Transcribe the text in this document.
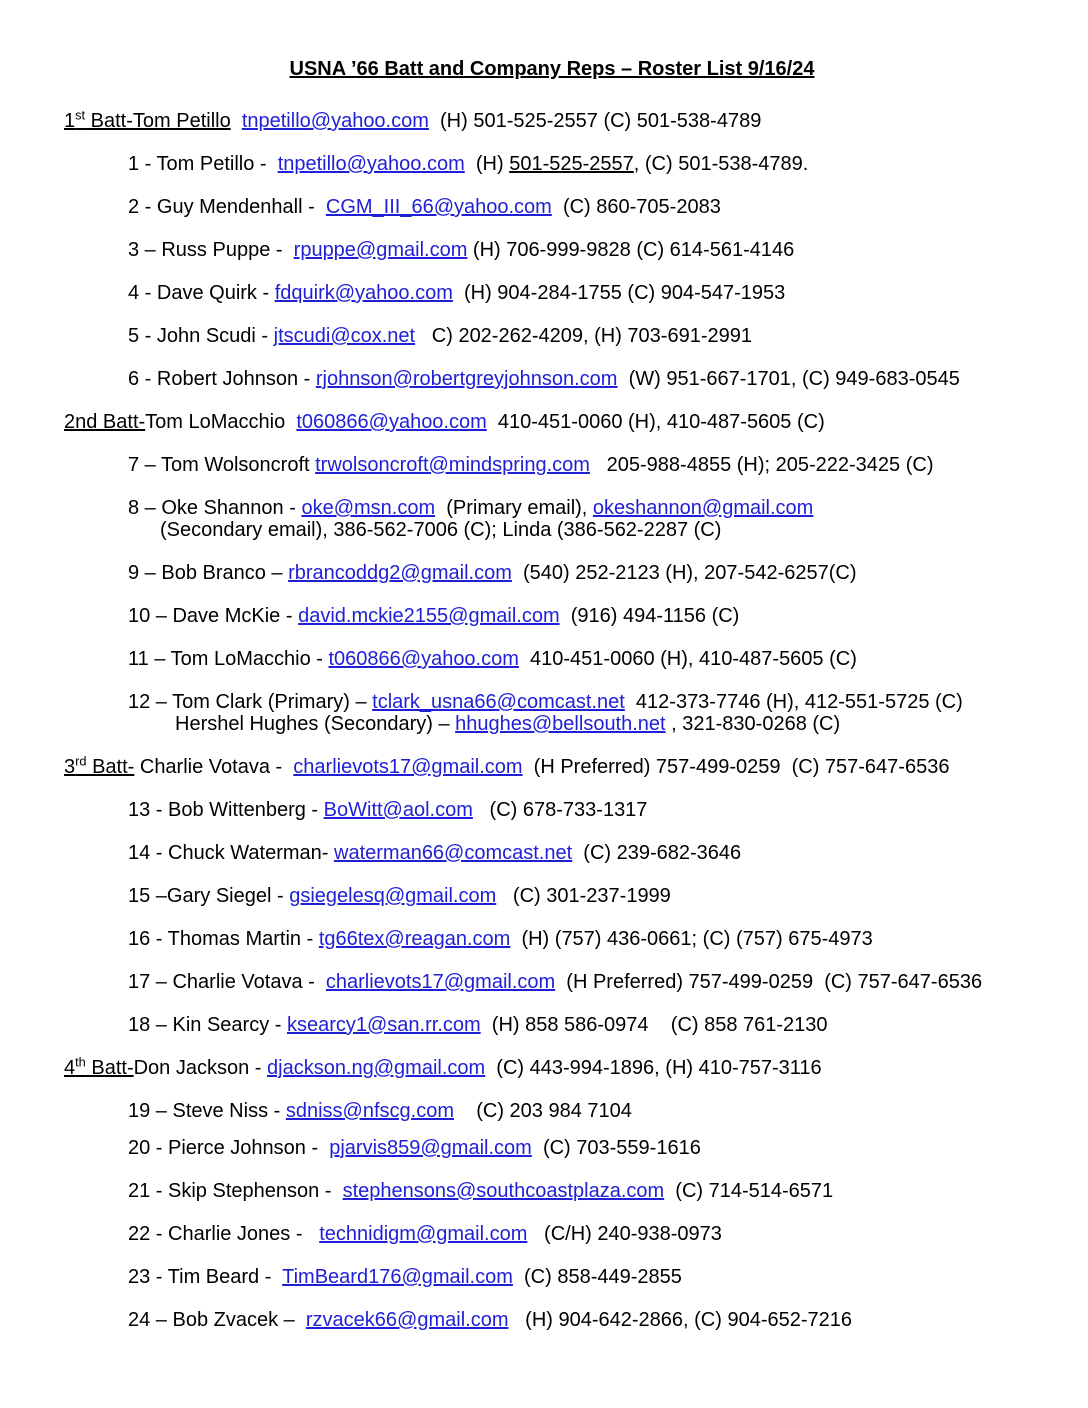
USNA ’66 Batt and Company Reps – Roster List 9/16/24
1st Batt-Tom Petillo tnpetillo@yahoo.com  (H) 501-525-2557 (C) 501-538-4789
1 - Tom Petillo -  tnpetillo@yahoo.com  (H) 501-525-2557, (C) 501-538-4789.
2 - Guy Mendenhall -  CGM_III_66@yahoo.com  (C) 860-705-2083
3 – Russ Puppe -  rpuppe@gmail.com (H) 706-999-9828 (C) 614-561-4146
4 - Dave Quirk - fdquirk@yahoo.com  (H) 904-284-1755 (C) 904-547-1953
5 - John Scudi - jtscudi@cox.net   C) 202-262-4209, (H) 703-691-2991
6 - Robert Johnson - rjohnson@robertgreyjohnson.com  (W) 951-667-1701, (C) 949-683-0545
2nd Batt-Tom LoMacchio  t060866@yahoo.com  410-451-0060 (H), 410-487-5605 (C)
7 – Tom Wolsoncroft trwolsoncroft@mindspring.com   205-988-4855 (H); 205-222-3425 (C)
8 – Oke Shannon - oke@msn.com  (Primary email), okeshannon@gmail.com
(Secondary email), 386-562-7006 (C); Linda (386-562-2287 (C)
9 – Bob Branco – rbrancoddg2@gmail.com  (540) 252-2123 (H), 207-542-6257(C)
10 – Dave McKie - david.mckie2155@gmail.com  (916) 494-1156 (C)
11 – Tom LoMacchio - t060866@yahoo.com  410-451-0060 (H), 410-487-5605 (C)
12 – Tom Clark (Primary) – tclark_usna66@comcast.net  412-373-7746 (H), 412-551-5725 (C)
Hershel Hughes (Secondary) – hhughes@bellsouth.net , 321-830-0268 (C)
3rd Batt- Charlie Votava -  charlievots17@gmail.com  (H Preferred) 757-499-0259  (C) 757-647-6536
13 - Bob Wittenberg - BoWitt@aol.com   (C) 678-733-1317
14 - Chuck Waterman- waterman66@comcast.net  (C) 239-682-3646
15 –Gary Siegel - gsiegelesq@gmail.com   (C) 301-237-1999
16 - Thomas Martin - tg66tex@reagan.com  (H) (757) 436-0661; (C) (757) 675-4973
17 – Charlie Votava -  charlievots17@gmail.com  (H Preferred) 757-499-0259  (C) 757-647-6536
18 – Kin Searcy - ksearcy1@san.rr.com  (H) 858 586-0974    (C) 858 761-2130
4th Batt-Don Jackson - djackson.ng@gmail.com  (C) 443-994-1896, (H) 410-757-3116
19 – Steve Niss - sdniss@nfscg.com    (C) 203 984 7104
20 - Pierce Johnson -  pjarvis859@gmail.com  (C) 703-559-1616
21 - Skip Stephenson -  stephensons@southcoastplaza.com  (C) 714-514-6571
22 - Charlie Jones -   technidigm@gmail.com   (C/H) 240-938-0973
23 - Tim Beard -  TimBeard176@gmail.com  (C) 858-449-2855
24 – Bob Zvacek –  rzvacek66@gmail.com   (H) 904-642-2866, (C) 904-652-7216
